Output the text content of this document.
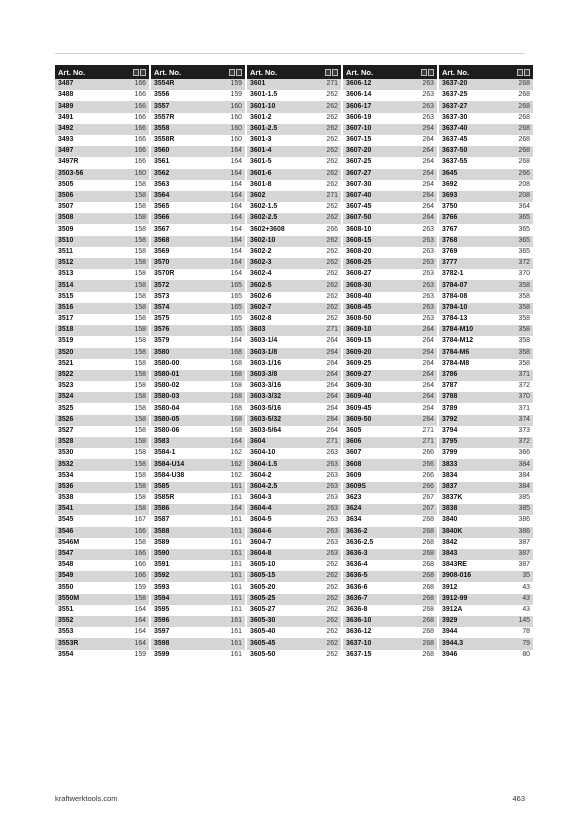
Art. No.
3487	166
3488	166
3489	166
3491	166
3492	166
3493	166
3497	166
3497R	166
3503-56	160
3505	158
3506	158
3507	158
3508	158
3509	158
3510	158
3511	158
3512	158
3513	158
3514	158
3515	158
3516	158
3517	158
3518	158
3519	158
3520	158
3521	158
3522	158
3523	158
3524	158
3525	158
3526	158
3527	158
3528	158
3530	158
3532	158
3534	158
3536	158
3538	158
3541	158
3545	167
3546	166
3546M	158
3547	166
3548	166
3549	166
3550	159
3550M	158
3551	164
3552	164
3553	164
3553R	164
3554	159
Art. No.
3554R	159
3556	159
3557	160
3557R	160
3558	160
3558R	160
3560	164
3561	164
3562	164
3563	164
3564	164
3565	164
3566	164
3567	164
3568	164
3569	164
3570	164
3570R	164
3572	165
3573	165
3574	165
3575	165
3576	165
3579	164
3580	168
3580-00	168
3580-01	168
3580-02	168
3580-03	168
3580-04	168
3580-05	168
3580-06	168
3583	164
3584-1	162
3584-U14	162
3584-U38	162
3585	161
3585R	161
3586	164
3587	161
3588	161
3589	161
3590	161
3591	161
3592	161
3593	161
3594	161
3595	161
3596	161
3597	161
3598	161
3599	161
Art. No.
3601	271
3601-1.5	262
3601-10	262
3601-2	262
3601-2.5	262
3601-3	262
3601-4	262
3601-5	262
3601-6	262
3601-8	262
3602	271
3602-1.5	262
3602-2.5	262
3602+3608	266
3602-10	262
3602-2	262
3602-3	262
3602-4	262
3602-5	262
3602-6	262
3602-7	262
3602-8	262
3603	271
3603-1/4	264
3603-1/8	264
3603-1/16	264
3603-3/8	264
3603-3/16	264
3603-3/32	264
3603-5/16	264
3603-5/32	264
3603-5/64	264
3604	271
3604-10	263
3604-1.5	263
3604-2	263
3604-2.5	263
3604-3	263
3604-4	263
3604-5	263
3604-6	263
3604-7	263
3604-8	263
3605-10	262
3605-15	262
3605-20	262
3605-25	262
3605-27	262
3605-30	262
3605-40	262
3605-45	262
3605-50	262
Art. No.
3606-12	263
3606-14	263
3606-17	263
3606-19	263
3607-10	264
3607-15	264
3607-20	264
3607-25	264
3607-27	264
3607-30	264
3607-40	264
3607-45	264
3607-50	264
3608-10	263
3608-15	263
3608-20	263
3608-25	263
3608-27	263
3608-30	263
3608-40	263
3608-45	263
3608-50	263
3609-10	264
3609-15	264
3609-20	264
3609-25	264
3609-27	264
3609-30	264
3609-40	264
3609-45	264
3609-50	264
3605	271
3606	271
3607	266
3608	266
3609	266
3609S	266
3623	267
3624	267
3634	268
3636-2	268
3636-2.5	268
3636-3	268
3636-4	268
3636-5	268
3636-6	268
3636-7	268
3636-8	268
3636-10	268
3636-12	268
3637-10	268
3637-15	268
Art. No.
3637-20	268
3637-25	268
3637-27	268
3637-30	268
3637-40	268
3637-45	268
3637-50	268
3637-55	268
3645	266
3692	208
3693	208
3750	364
3766	365
3767	365
3768	365
3769	365
3777	372
3782-1	370
3784-07	358
3784-08	358
3784-10	358
3784-13	358
3784-M10	358
3784-M12	358
3784-M6	358
3784-M8	358
3786	371
3787	372
3788	370
3789	371
3792	374
3794	373
3795	372
3799	366
3833	384
3834	384
3837	384
3837K	385
3838	385
3840	386
3840K	386
3842	387
3843	387
3843RE	387
3908-016	35
3912	43
3912-99	43
3912A	43
3929	145
3944	78
3944.3	79
3946	80
kraftwerktools.com	463
